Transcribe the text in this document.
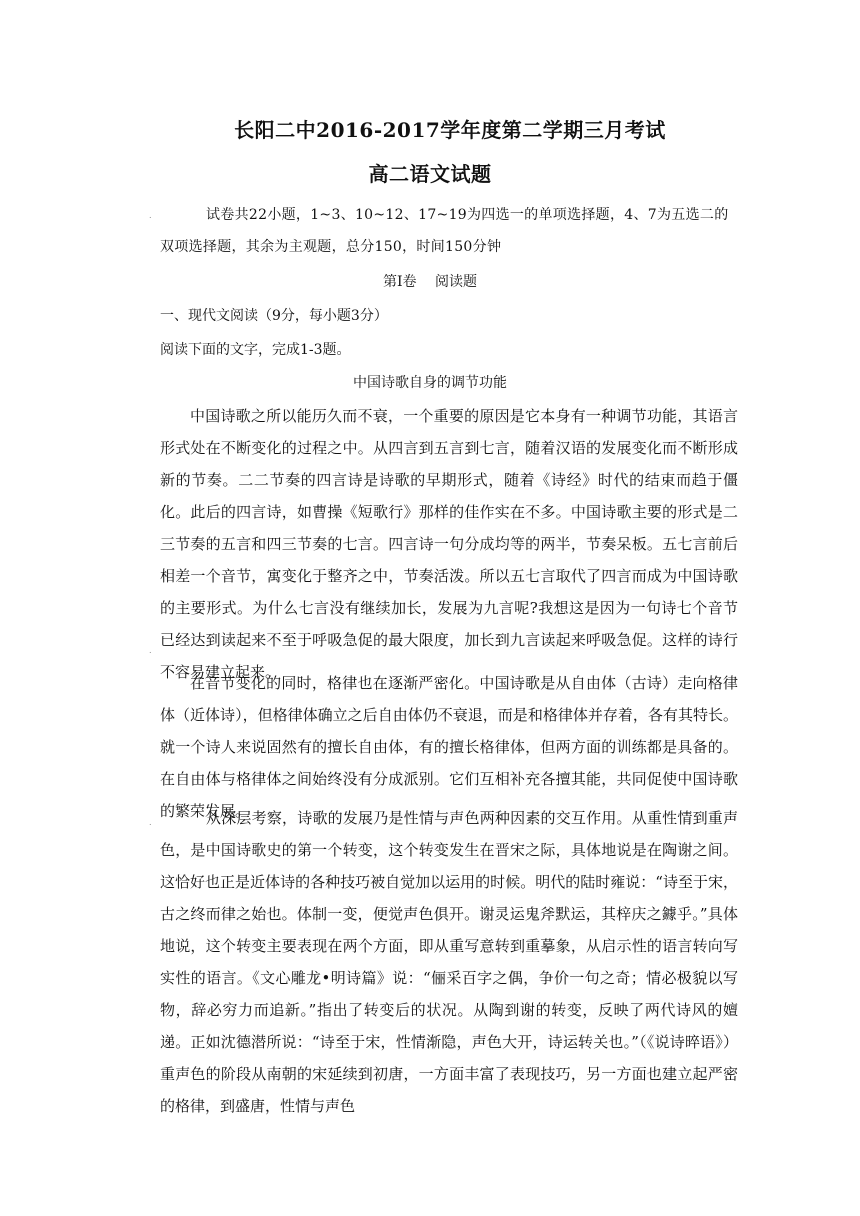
长阳二中2016-2017学年度第二学期三月考试
高二语文试题
.	试卷共22小题，1~3、10~12、17~19为四选一的单项选择题，4、7为五选二的
双项选择题，其余为主观题，总分150，时间150分钟
第Ⅰ卷　 阅读题
一、现代文阅读（9分，每小题3分）
阅读下面的文字，完成1-3题。
中国诗歌自身的调节功能
中国诗歌之所以能历久而不衰，一个重要的原因是它本身有一种调节功能，其语言形式处在不断变化的过程之中。从四言到五言到七言，随着汉语的发展变化而不断形成新的节奏。二二节奏的四言诗是诗歌的早期形式，随着《诗经》时代的结束而趋于僵化。此后的四言诗，如曹操《短歌行》那样的佳作实在不多。中国诗歌主要的形式是二三节奏的五言和四三节奏的七言。四言诗一句分成均等的两半，节奏呆板。五七言前后相差一个音节，寓变化于整齐之中，节奏活泼。所以五七言取代了四言而成为中国诗歌的主要形式。为什么七言没有继续加长，发展为九言呢?我想这是因为一句诗七个音节已经达到读起来不至于呼吸急促的最大限度，加长到九言读起来呼吸急促。这样的诗行不容易建立起来。
.
在音节变化的同时，格律也在逐渐严密化。中国诗歌是从自由体（古诗）走向格律体（近体诗），但格律体确立之后自由体仍不衰退，而是和格律体并存着，各有其特长。就一个诗人来说固然有的擅长自由体，有的擅长格律体，但两方面的训练都是具备的。在自由体与格律体之间始终没有分成派别。它们互相补充各擅其能，共同促使中国诗歌的繁荣发展。
.	从深层考察，诗歌的发展乃是性情与声色两种因素的交互作用。从重性情到重声色，是中国诗歌史的第一个转变，这个转变发生在晋宋之际，具体地说是在陶谢之间。这恰好也正是近体诗的各种技巧被自觉加以运用的时候。明代的陆时雍说：“诗至于宋，古之终而律之始也。体制一变，便觉声色俱开。谢灵运鬼斧默运，其梓庆之鐻乎。”具体地说，这个转变主要表现在两个方面，即从重写意转到重摹象，从启示性的语言转向写实性的语言。《文心雕龙•明诗篇》说：“俪采百字之偶，争价一句之奇；情必极貌以写物，辞必穷力而追新。”指出了转变后的状况。从陶到谢的转变，反映了两代诗风的嬗递。正如沈德潜所说：“诗至于宋，性情渐隐，声色大开，诗运转关也。”（《说诗晬语》）重声色的阶段从南朝的宋延续到初唐，一方面丰富了表现技巧，另一方面也建立起严密的格律，到盛唐，性情与声色
